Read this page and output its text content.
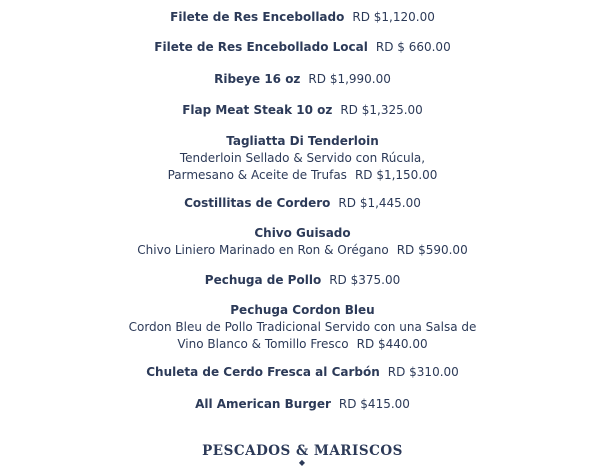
Filete de Res Encebollado RD $1,120.00
Filete de Res Encebollado Local RD $ 660.00
Ribeye 16 oz RD $1,990.00
Flap Meat Steak 10 oz RD $1,325.00
Tagliatta Di Tenderloin
Tenderloin Sellado & Servido con Rúcula,
Parmesano & Aceite de Trufas RD $1,150.00
Costillitas de Cordero RD $1,445.00
Chivo Guisado
Chivo Liniero Marinado en Ron & Orégano RD $590.00
Pechuga de Pollo RD $375.00
Pechuga Cordon Bleu
Cordon Bleu de Pollo Tradicional Servido con una Salsa de
Vino Blanco & Tomillo Fresco RD $440.00
Chuleta de Cerdo Fresca al Carbón RD $310.00
All American Burger RD $415.00
PESCADOS & MARISCOS
◆
